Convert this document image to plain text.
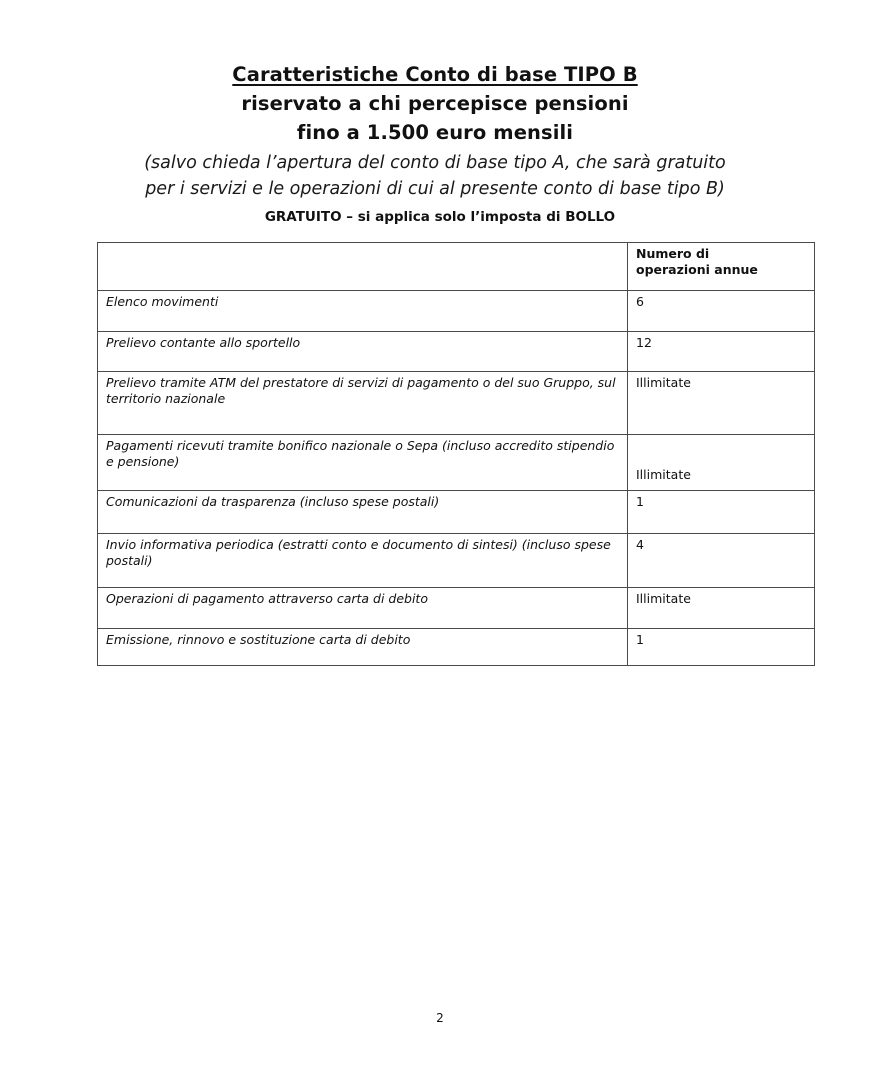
Caratteristiche Conto di base TIPO B

riservato a chi percepisce pensioni

fino a 1.500 euro mensili

(salvo chieda l’apertura del conto di base tipo A, che sarà gratuito

per i servizi e le operazioni di cui al presente conto di base tipo B)

GRATUITO – si applica solo l’imposta di BOLLO

	Numero di
operazioni annue
Elenco movimenti	6
Prelievo contante allo sportello	12
Prelievo tramite ATM del prestatore di servizi di pagamento o del suo Gruppo, sul territorio nazionale	Illimitate
Pagamenti ricevuti tramite bonifico nazionale o Sepa (incluso accredito stipendio e pensione)	Illimitate
Comunicazioni da trasparenza (incluso spese postali)	1
Invio informativa periodica (estratti conto e documento di sintesi) (incluso spese postali)	4
Operazioni di pagamento attraverso carta di debito	Illimitate
Emissione, rinnovo e sostituzione carta di debito	1
2
